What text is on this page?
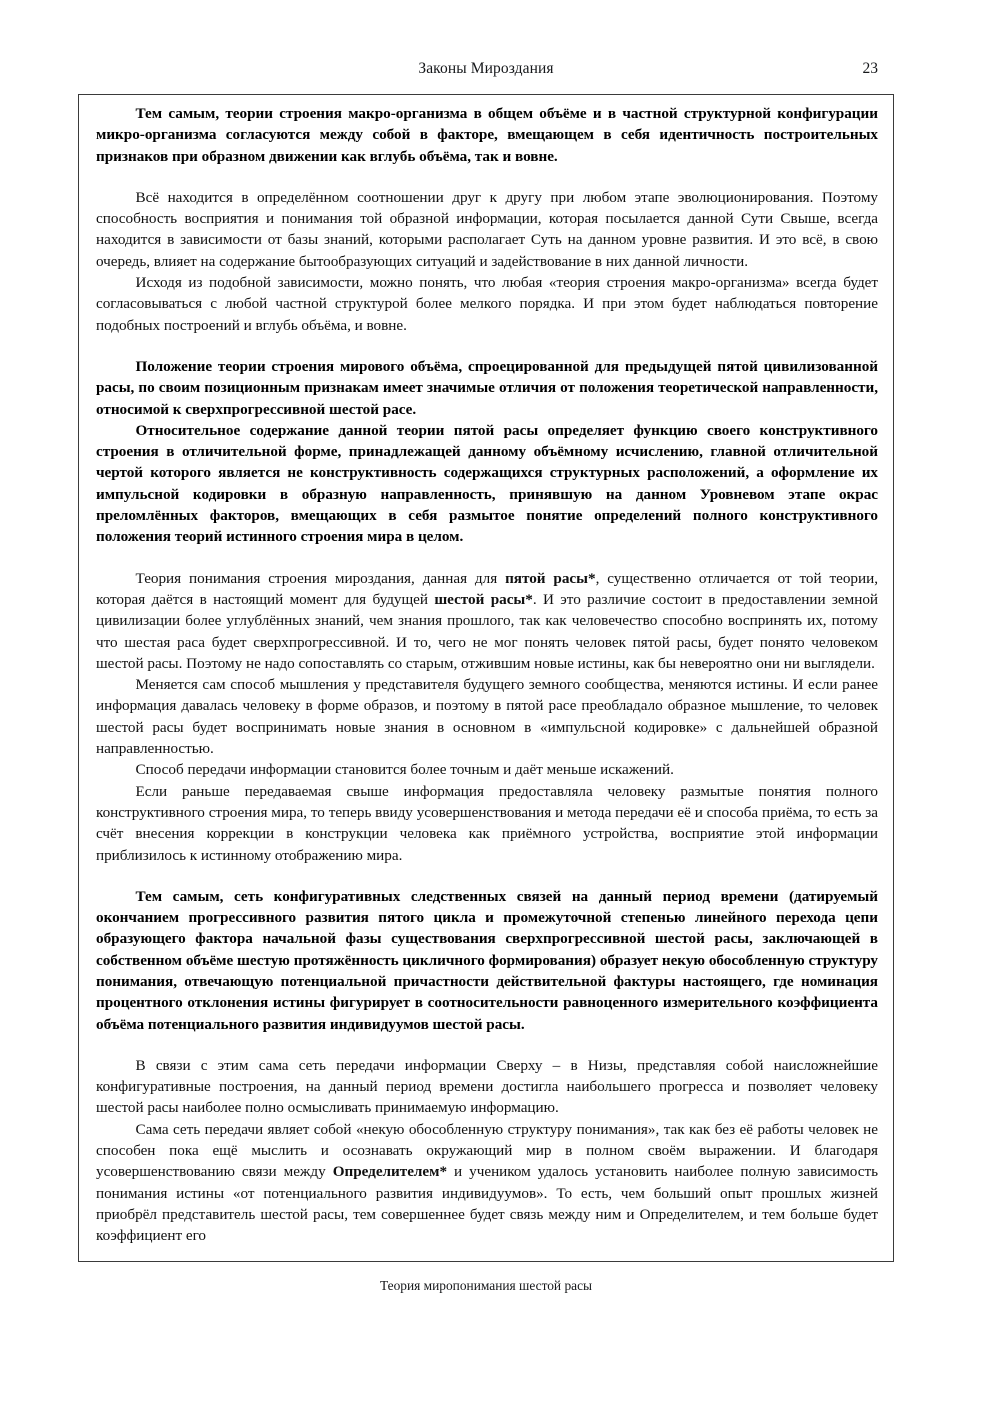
Законы Мироздания	23

Тем самым, теории строения макро-организма в общем объёме и в частной структурной конфигурации микро-организма согласуются между собой в факторе, вмещающем в себя идентичность построительных признаков при образном движении как вглубь объёма, так и вовне.

Всё находится в определённом соотношении друг к другу при любом этапе эволюционирования. Поэтому способность восприятия и понимания той образной информации, которая посылается данной Сути Свыше, всегда находится в зависимости от базы знаний, которыми располагает Суть на данном уровне развития. И это всё, в свою очередь, влияет на содержание бытообразующих ситуаций и задействование в них данной личности.

Исходя из подобной зависимости, можно понять, что любая «теория строения макро-организма» всегда будет согласовываться с любой частной структурой более мелкого порядка. И при этом будет наблюдаться повторение подобных построений и вглубь объёма, и вовне.

Положение теории строения мирового объёма, спроецированной для предыдущей пятой цивилизованной расы, по своим позиционным признакам имеет значимые отличия от положения теоретической направленности, относимой к сверхпрогрессивной шестой расе.

Относительное содержание данной теории пятой расы определяет функцию своего конструктивного строения в отличительной форме, принадлежащей данному объёмному исчислению, главной отличительной чертой которого является не конструктивность содержащихся структурных расположений, а оформление их импульсной кодировки в образную направленность, принявшую на данном Уровневом этапе окрас преломлённых факторов, вмещающих в себя размытое понятие определений полного конструктивного положения теорий истинного строения мира в целом.

Теория понимания строения мироздания, данная для пятой расы*, существенно отличается от той теории, которая даётся в настоящий момент для будущей шестой расы*. И это различие состоит в предоставлении земной цивилизации более углублённых знаний, чем знания прошлого, так как человечество способно воспринять их, потому что шестая раса будет сверхпрогрессивной. И то, чего не мог понять человек пятой расы, будет понято человеком шестой расы. Поэтому не надо сопоставлять со старым, отжившим новые истины, как бы невероятно они ни выглядели.

Меняется сам способ мышления у представителя будущего земного сообщества, меняются истины. И если ранее информация давалась человеку в форме образов, и поэтому в пятой расе преобладало образное мышление, то человек шестой расы будет воспринимать новые знания в основном в «импульсной кодировке» с дальнейшей образной направленностью.

Способ передачи информации становится более точным и даёт меньше искажений.

Если раньше передаваемая свыше информация предоставляла человеку размытые понятия полного конструктивного строения мира, то теперь ввиду усовершенствования и метода передачи её и способа приёма, то есть за счёт внесения коррекции в конструкции человека как приёмного устройства, восприятие этой информации приблизилось к истинному отображению мира.

Тем самым, сеть конфигуративных следственных связей на данный период времени (датируемый окончанием прогрессивного развития пятого цикла и промежуточной степенью линейного перехода цепи образующего фактора начальной фазы существования сверхпрогрессивной шестой расы, заключающей в собственном объёме шестую протяжённость цикличного формирования) образует некую обособленную структуру понимания, отвечающую потенциальной причастности действительной фактуры настоящего, где номинация процентного отклонения истины фигурирует в соотносительности равноценного измерительного коэффициента объёма потенциального развития индивидуумов шестой расы.

В связи с этим сама сеть передачи информации Сверху – в Низы, представляя собой наисложнейшие конфигуративные построения, на данный период времени достигла наибольшего прогресса и позволяет человеку шестой расы наиболее полно осмысливать принимаемую информацию.

Сама сеть передачи являет собой «некую обособленную структуру понимания», так как без её работы человек не способен пока ещё мыслить и осознавать окружающий мир в полном своём выражении. И благодаря усовершенствованию связи между Определителем* и учеником удалось установить наиболее полную зависимость понимания истины «от потенциального развития индивидуумов». То есть, чем больший опыт прошлых жизней приобрёл представитель шестой расы, тем совершеннее будет связь между ним и Определителем, и тем больше будет коэффициент его

Теория миропонимания шестой расы
